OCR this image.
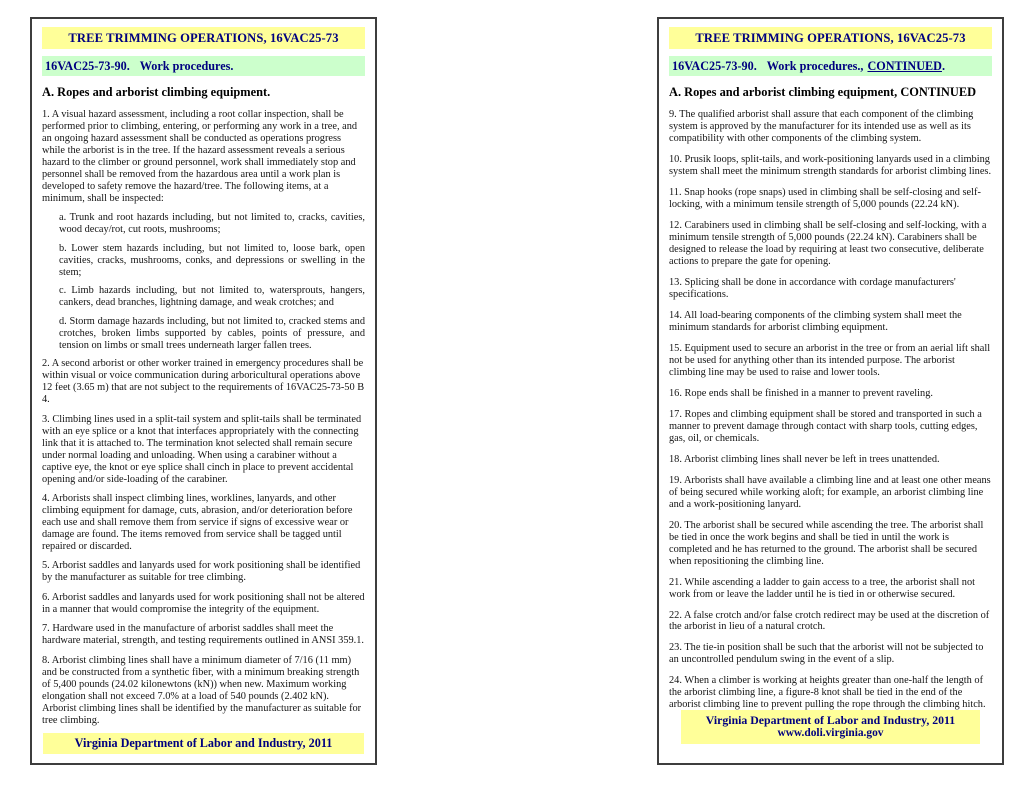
TREE TRIMMING OPERATIONS, 16VAC25-73
16VAC25-73-90. Work procedures.
A. Ropes and arborist climbing equipment.

1. A visual hazard assessment, including a root collar inspection, shall be performed prior to climbing, entering, or performing any work in a tree, and an ongoing hazard assessment shall be conducted as operations progress while the arborist is in the tree. If the hazard assessment reveals a serious hazard to the climber or ground personnel, work shall immediately stop and personnel shall be removed from the hazardous area until a work plan is developed to safety remove the hazard/tree. The following items, at a minimum, shall be inspected:

a. Trunk and root hazards including, but not limited to, cracks, cavities, wood decay/rot, cut roots, mushrooms;

b. Lower stem hazards including, but not limited to, loose bark, open cavities, cracks, mushrooms, conks, and depressions or swelling in the stem;

c. Limb hazards including, but not limited to, watersprouts, hangers, cankers, dead branches, lightning damage, and weak crotches; and

d. Storm damage hazards including, but not limited to, cracked stems and crotches, broken limbs supported by cables, points of pressure, and tension on limbs or small trees underneath larger fallen trees.

2. A second arborist or other worker trained in emergency procedures shall be within visual or voice communication during arboricultural operations above 12 feet (3.65 m) that are not subject to the requirements of 16VAC25-73-50 B 4.

3. Climbing lines used in a split-tail system and split-tails shall be terminated with an eye splice or a knot that interfaces appropriately with the connecting link that it is attached to. The termination knot selected shall remain secure under normal loading and unloading. When using a carabiner without a captive eye, the knot or eye splice shall cinch in place to prevent accidental opening and/or side-loading of the carabiner.

4. Arborists shall inspect climbing lines, worklines, lanyards, and other climbing equipment for damage, cuts, abrasion, and/or deterioration before each use and shall remove them from service if signs of excessive wear or damage are found. The items removed from service shall be tagged until repaired or discarded.

5. Arborist saddles and lanyards used for work positioning shall be identified by the manufacturer as suitable for tree climbing.

6. Arborist saddles and lanyards used for work positioning shall not be altered in a manner that would compromise the integrity of the equipment.

7. Hardware used in the manufacture of arborist saddles shall meet the hardware material, strength, and testing requirements outlined in ANSI 359.1.

8. Arborist climbing lines shall have a minimum diameter of 7/16 (11 mm) and be constructed from a synthetic fiber, with a minimum breaking strength of 5,400 pounds (24.02 kilonewtons (kN)) when new. Maximum working elongation shall not exceed 7.0% at a load of 540 pounds (2.402 kN). Arborist climbing lines shall be identified by the manufacturer as suitable for tree climbing.

Virginia Department of Labor and Industry, 2011
TREE TRIMMING OPERATIONS, 16VAC25-73
16VAC25-73-90. Work procedures., CONTINUED.
A. Ropes and arborist climbing equipment, CONTINUED

9. The qualified arborist shall assure that each component of the climbing system is approved by the manufacturer for its intended use as well as its compatibility with other components of the climbing system.

10. Prusik loops, split-tails, and work-positioning lanyards used in a climbing system shall meet the minimum strength standards for arborist climbing lines.

11. Snap hooks (rope snaps) used in climbing shall be self-closing and self-locking, with a minimum tensile strength of 5,000 pounds (22.24 kN).

12. Carabiners used in climbing shall be self-closing and self-locking, with a minimum tensile strength of 5,000 pounds (22.24 kN). Carabiners shall be designed to release the load by requiring at least two consecutive, deliberate actions to prepare the gate for opening.

13. Splicing shall be done in accordance with cordage manufacturers' specifications.

14. All load-bearing components of the climbing system shall meet the minimum standards for arborist climbing equipment.

15. Equipment used to secure an arborist in the tree or from an aerial lift shall not be used for anything other than its intended purpose. The arborist climbing line may be used to raise and lower tools.

16. Rope ends shall be finished in a manner to prevent raveling.

17. Ropes and climbing equipment shall be stored and transported in such a manner to prevent damage through contact with sharp tools, cutting edges, gas, oil, or chemicals.

18. Arborist climbing lines shall never be left in trees unattended.

19. Arborists shall have available a climbing line and at least one other means of being secured while working aloft; for example, an arborist climbing line and a work-positioning lanyard.

20. The arborist shall be secured while ascending the tree. The arborist shall be tied in once the work begins and shall be tied in until the work is completed and he has returned to the ground. The arborist shall be secured when repositioning the climbing line.

21. While ascending a ladder to gain access to a tree, the arborist shall not work from or leave the ladder until he is tied in or otherwise secured.

22. A false crotch and/or false crotch redirect may be used at the discretion of the arborist in lieu of a natural crotch.

23. The tie-in position shall be such that the arborist will not be subjected to an uncontrolled pendulum swing in the event of a slip.

24. When a climber is working at heights greater than one-half the length of the arborist climbing line, a figure-8 knot shall be tied in the end of the arborist climbing line to prevent pulling the rope through the climbing hitch.

Virginia Department of Labor and Industry, 2011
www.doli.virginia.gov
